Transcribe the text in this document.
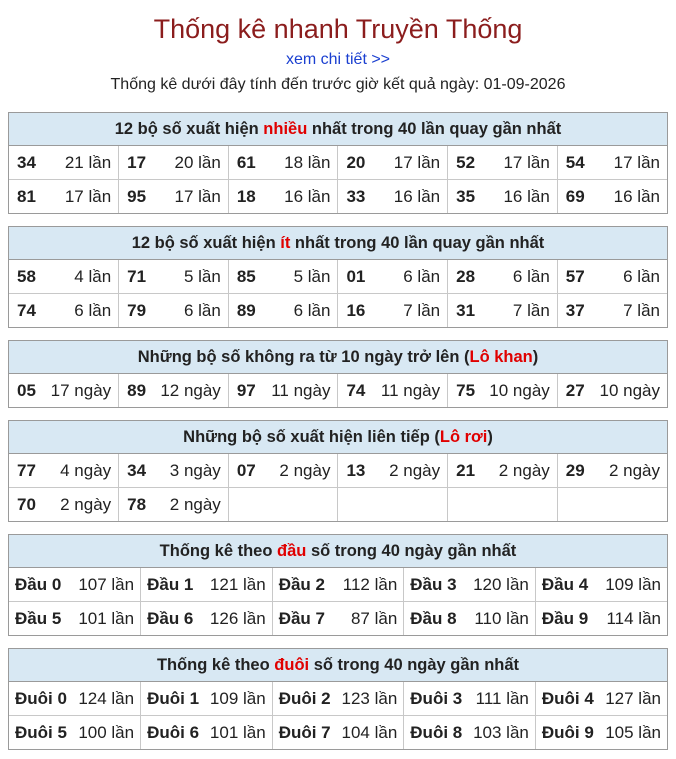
Thống kê nhanh Truyền Thống
xem chi tiết >>
Thống kê dưới đây tính đến trước giờ kết quả ngày: 01-09-2026
12 bộ số xuất hiện nhiều nhất trong 40 lần quay gần nhất
34 21 lần	17 20 lần	61 18 lần	20 17 lần	52 17 lần	54 17 lần

81 17 lần	95 17 lần	18 16 lần	33 16 lần	35 16 lần	69 16 lần
12 bộ số xuất hiện ít nhất trong 40 lần quay gần nhất
58 4 lần	71 5 lần	85 5 lần	01 6 lần	28 6 lần	57 6 lần

74 6 lần	79 6 lần	89 6 lần	16 7 lần	31 7 lần	37 7 lần
Những bộ số không ra từ 10 ngày trở lên (Lô khan)
05 17 ngày	89 12 ngày	97 11 ngày	74 11 ngày	75 10 ngày	27 10 ngày
Những bộ số xuất hiện liên tiếp (Lô rơi)
77 4 ngày	34 3 ngày	07 2 ngày	13 2 ngày	21 2 ngày	29 2 ngày

70 2 ngày	78 2 ngày				

Thống kê theo đầu số trong 40 ngày gần nhất
Đầu 0 107 lần	Đầu 1 121 lần	Đầu 2 112 lần	Đầu 3 120 lần	Đầu 4 109 lần

Đầu 5 101 lần	Đầu 6 126 lần	Đầu 7 87 lần	Đầu 8 110 lần	Đầu 9 114 lần
Thống kê theo đuôi số trong 40 ngày gần nhất
Đuôi 0 124 lần	Đuôi 1 109 lần	Đuôi 2 123 lần	Đuôi 3 111 lần	Đuôi 4 127 lần

Đuôi 5 100 lần	Đuôi 6 101 lần	Đuôi 7 104 lần	Đuôi 8 103 lần	Đuôi 9 105 lần
